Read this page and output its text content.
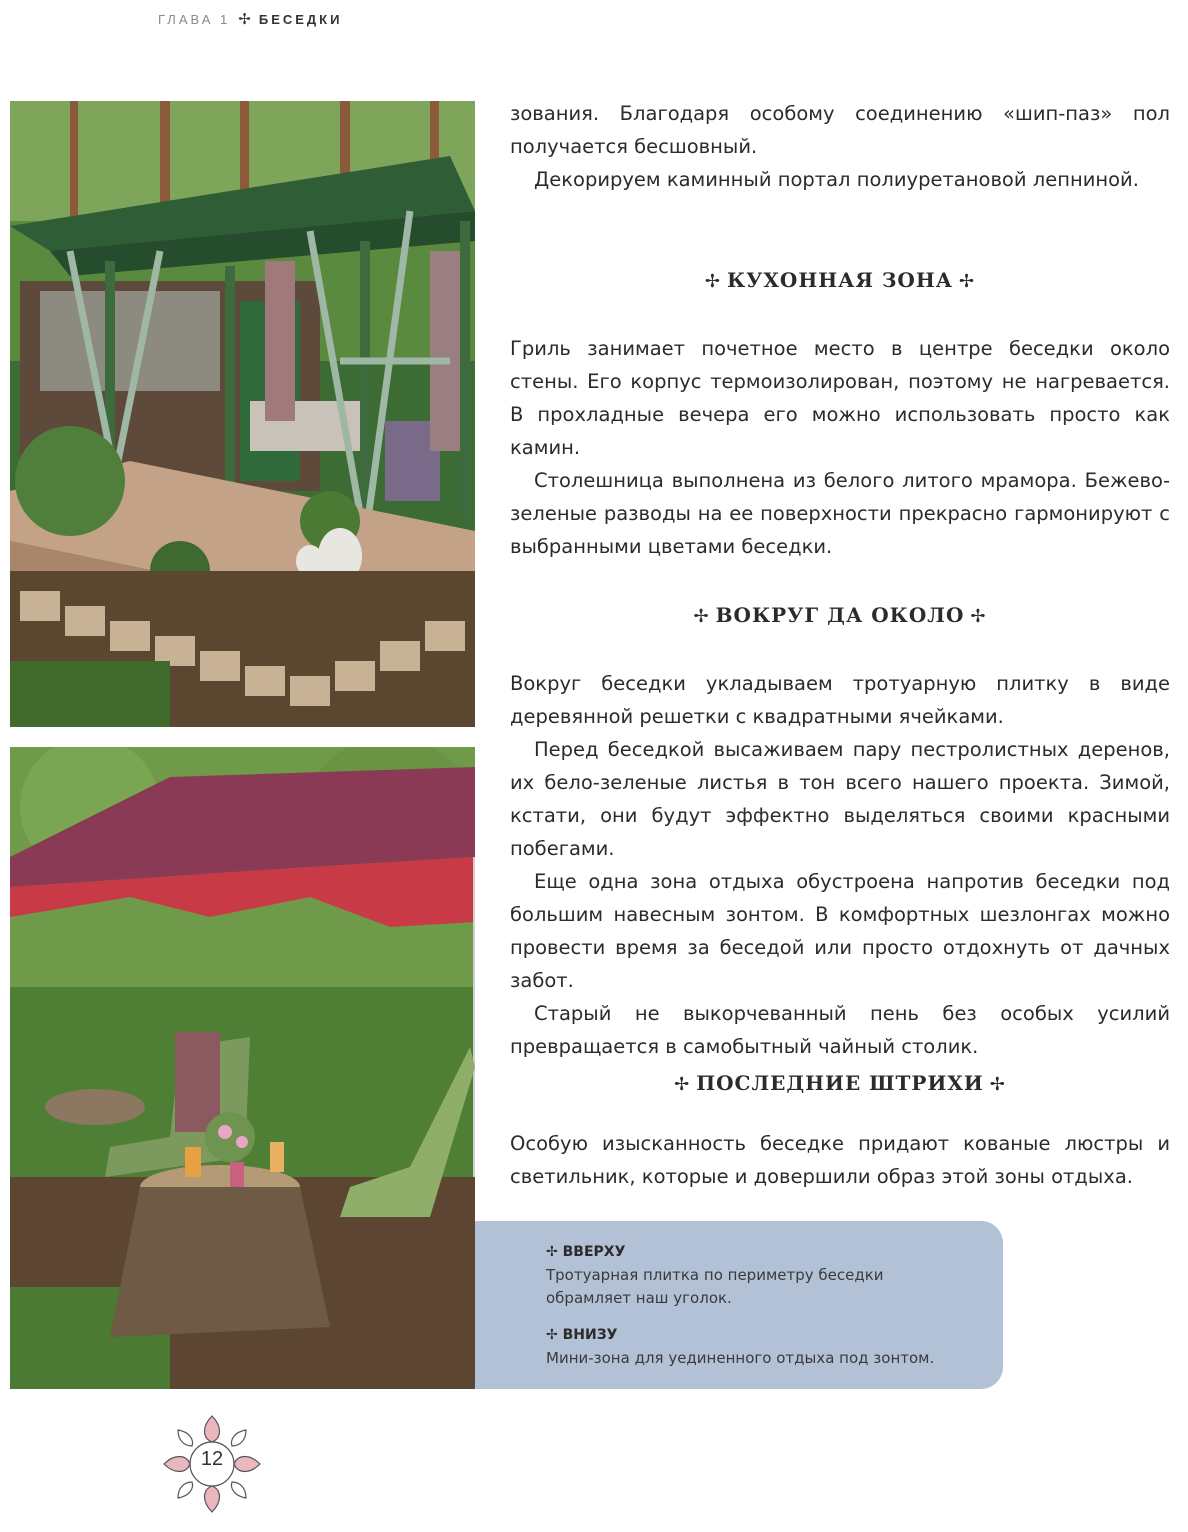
ГЛАВА 1 ✢ БЕСЕДКИ

зования. Благодаря особому соединению «шип-паз» пол получается бесшовный.

Декорируем каминный портал полиуретановой лепниной.

✢ КУХОННАЯ ЗОНА ✢

Гриль занимает почетное место в центре беседки около стены. Его корпус термоизолирован, поэтому не нагревается. В прохладные вечера его можно использовать просто как камин.

Столешница выполнена из белого литого мрамора. Бежево-зеленые разводы на ее поверхности прекрасно гармонируют с выбранными цветами беседки.

✢ ВОКРУГ ДА ОКОЛО ✢

Вокруг беседки укладываем тротуарную плитку в виде деревянной решетки с квадратными ячейками.

Перед беседкой высаживаем пару пестролистных деренов, их бело-зеленые листья в тон всего нашего проекта. Зимой, кстати, они будут эффектно выделяться своими красными побегами.

Еще одна зона отдыха обустроена напротив беседки под большим навесным зонтом. В комфортных шезлонгах можно провести время за беседой или просто отдохнуть от дачных забот.

Старый не выкорчеванный пень без особых усилий превращается в самобытный чайный столик.

✢ ПОСЛЕДНИЕ ШТРИХИ ✢

Особую изысканность беседке придают кованые люстры и светильник, которые и довершили образ этой зоны отдыха.

✢ ВВЕРХУ
Тротуарная плитка по периметру беседки
обрамляет наш уголок.
✢ ВНИЗУ
Мини-зона для уединенного отдыха под зонтом.
12
